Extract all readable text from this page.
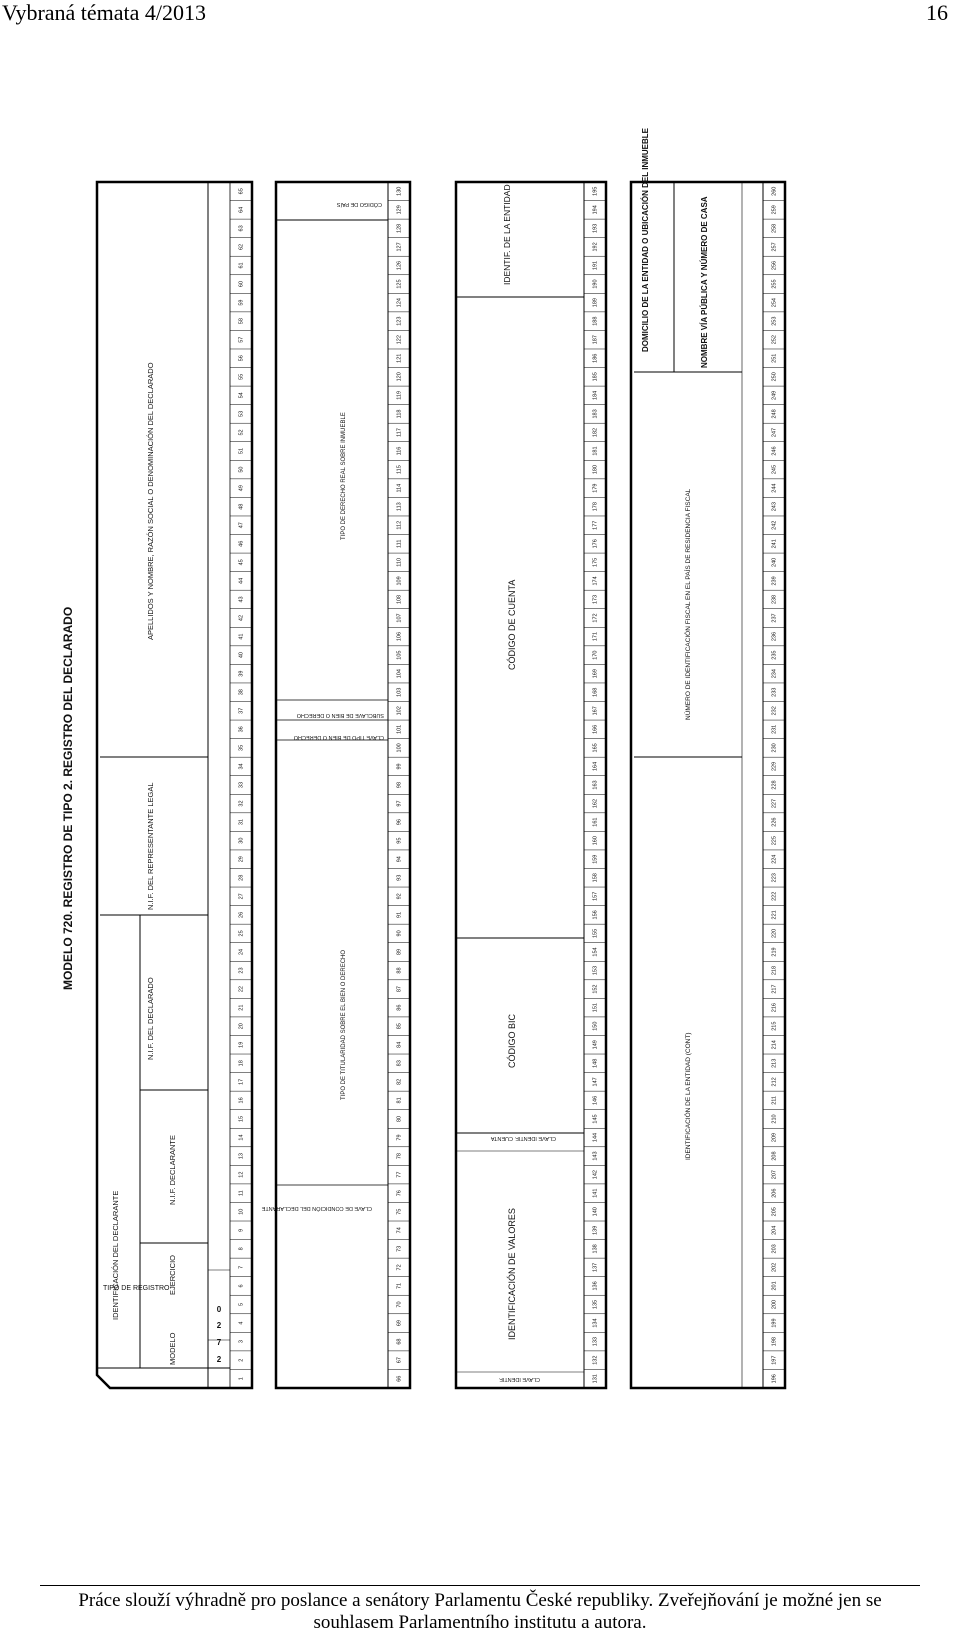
Vybraná témata 4/2013	16
MODELO 720. REGISTRO DE TIPO 2. REGISTRO DEL DECLARADO
1
2
3
4
5
6
7
8
9
10
11
12
13
14
15
16
17
18
19
20
21
22
23
24
25
26
27
28
29
30
31
32
33
34
35
36
37
38
39
40
41
42
43
44
45
46
47
48
49
50
51
52
53
54
55
56
57
58
59
60
61
62
63
64
65
TIPO DE REGISTRO
IDENTIFICACIÓN DEL DECLARANTE
MODELO
EJERCICIO
N.I.F. DECLARANTE
N.I.F. DEL DECLARADO
N.I.F. DEL REPRESENTANTE LEGAL
APELLIDOS Y NOMBRE, RAZÓN SOCIAL O DENOMINACIÓN DEL DECLARADO
2
7
2
0
66
67
68
69
70
71
72
73
74
75
76
77
78
79
80
81
82
83
84
85
86
87
88
89
90
91
92
93
94
95
96
97
98
99
100
101
102
103
104
105
106
107
108
109
110
111
112
113
114
115
116
117
118
119
120
121
122
123
124
125
126
127
128
129
130
CLAVE DE CONDICIÓN DEL DECLARANTE
TIPO DE TITULARIDAD SOBRE EL BIEN O DERECHO
CLAVE TIPO DE BIEN O DERECHO
SUBCLAVE DE BIEN O DERECHO
TIPO DE DERECHO REAL SOBRE INMUEBLE
CÓDIGO DE PAÍS
131
132
133
134
135
136
137
138
139
140
141
142
143
144
145
146
147
148
149
150
151
152
153
154
155
156
157
158
159
160
161
162
163
164
165
166
167
168
169
170
171
172
173
174
175
176
177
178
179
180
181
182
183
184
185
186
187
188
189
190
191
192
193
194
195
CLAVE IDENTIF.
IDENTIFICACIÓN DE VALORES
CLAVE IDENTIF. CUENTA
CÓDIGO BIC
CÓDIGO DE CUENTA
IDENTIF. DE LA ENTIDAD
196
197
198
199
200
201
202
203
204
205
206
207
208
209
210
211
212
213
214
215
216
217
218
219
220
221
222
223
224
225
226
227
228
229
230
231
232
233
234
235
236
237
238
239
240
241
242
243
244
245
246
247
248
249
250
251
252
253
254
255
256
257
258
259
260
IDENTIFICACIÓN DE LA ENTIDAD (CONT)
NÚMERO DE IDENTIFICACIÓN FISCAL EN EL PAÍS DE RESIDENCIA FISCAL
DOMICILIO DE LA ENTIDAD O UBICACIÓN DEL INMUEBLE	NOMBRE VÍA PÚBLICA Y NÚMERO DE CASA
Práce slouží výhradně pro poslance a senátory Parlamentu České republiky. Zveřejňování je možné jen se
souhlasem Parlamentního institutu a autora.
